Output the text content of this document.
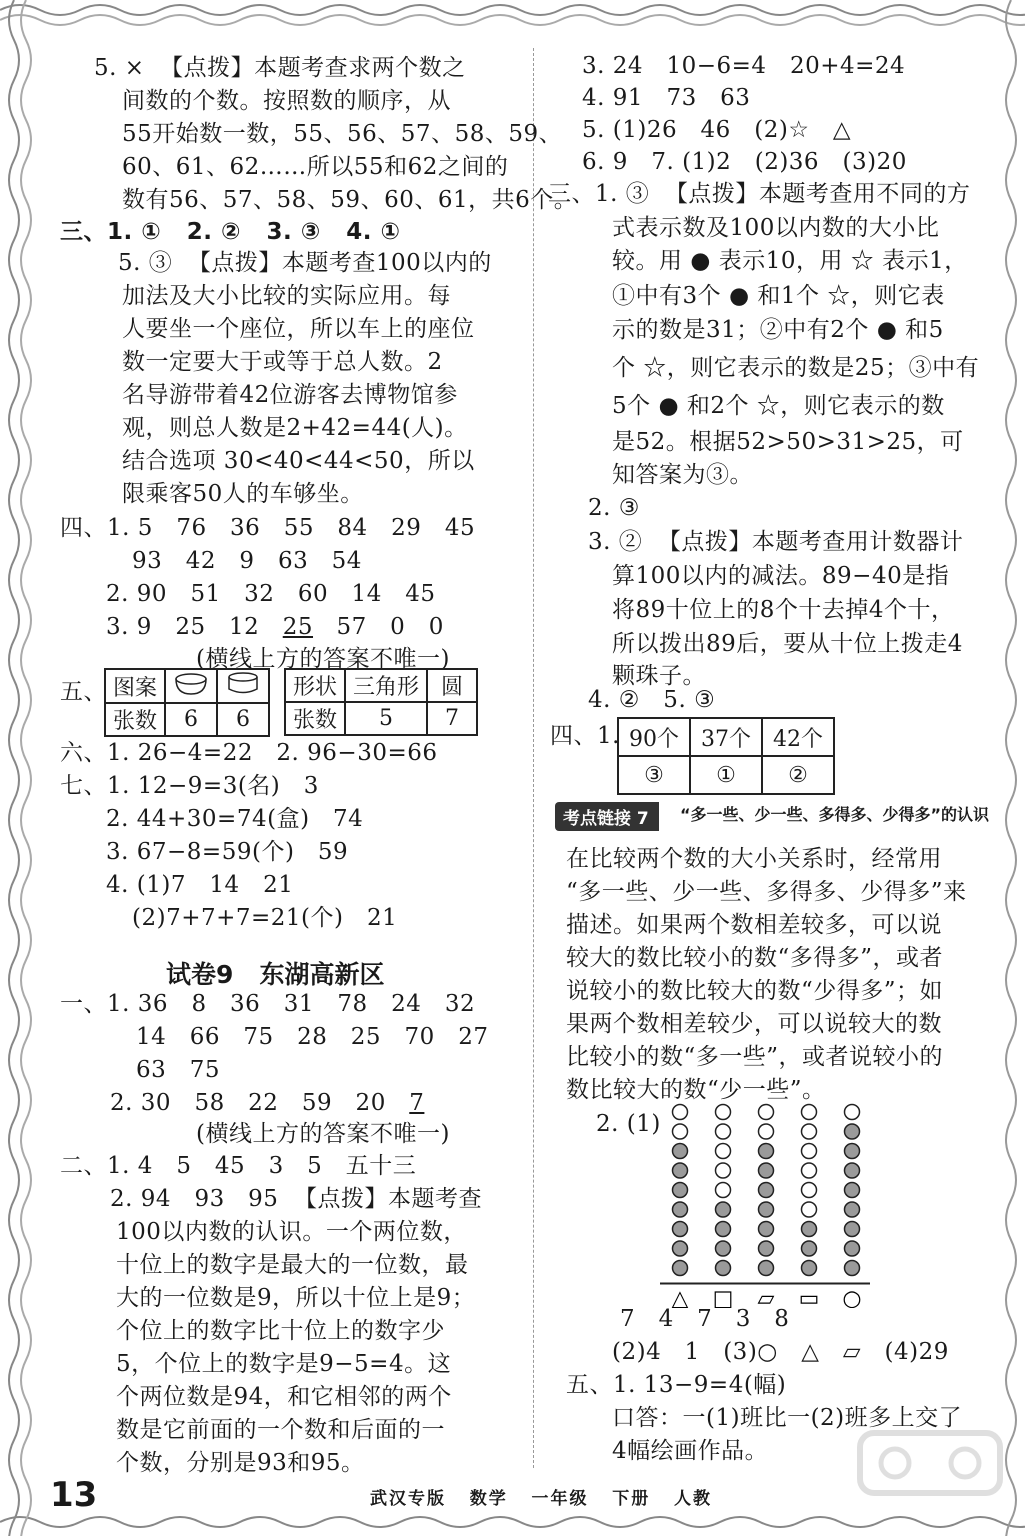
5. ×  【点拨】本题考查求两个数之
间数的个数。按照数的顺序，从
55开始数一数，55、56、57、58、59、
60、61、62……所以55和62之间的
数有56、57、58、59、60、61，共6个。
三、1. ①   2. ②   3. ③   4. ①
5. ③  【点拨】本题考查100以内的
加法及大小比较的实际应用。每
人要坐一个座位，所以车上的座位
数一定要大于或等于总人数。2
名导游带着42位游客去博物馆参
观，则总人数是2+42=44(人)。
结合选项 30<40<44<50，所以
限乘客50人的车够坐。
四、1. 5   76   36   55   84   29   45
93   42   9   63   54
2. 90   51   32   60   14   45
3. 9   25   12   25   57   0   0
(横线上方的答案不唯一)
五、 图案		
张数	6	6
形状	三角形	圆
张数	5	7
六、1. 26−4=22   2. 96−30=66
七、1. 12−9=3(名)   3
2. 44+30=74(盒)   74
3. 67−8=59(个)   59
4. (1)7   14   21
(2)7+7+7=21(个)   21
试卷9   东湖高新区
一、1. 36   8   36   31   78   24   32
14   66   75   28   25   70   27
63   75
2. 30   58   22   59   20   7
(横线上方的答案不唯一)
二、1. 4   5   45   3   5   五十三
2. 94   93   95  【点拨】本题考查
100以内数的认识。一个两位数，
十位上的数字是最大的一位数，最
大的一位数是9，所以十位上是9；
个位上的数字比十位上的数字少
5，个位上的数字是9−5=4。这
个两位数是94，和它相邻的两个
数是它前面的一个数和后面的一
个数，分别是93和95。
3. 24   10−6=4   20+4=24
4. 91   73   63
5. (1)26   46   (2)☆   △
6. 9   7. (1)2   (2)36   (3)20
三、1. ③  【点拨】本题考查用不同的方
式表示数及100以内数的大小比
较。用 ● 表示10，用 ☆ 表示1，
①中有3个 ● 和1个 ☆，则它表
示的数是31；②中有2个 ● 和5
个 ☆，则它表示的数是25；③中有
5个 ● 和2个 ☆，则它表示的数
是52。根据52>50>31>25，可
知答案为③。
2. ③
3. ②  【点拨】本题考查用计数器计
算100以内的减法。89−40是指
将89十位上的8个十去掉4个十，
所以拨出89后，要从十位上拨走4
颗珠子。
4. ②   5. ③
四、1. 90个	37个	42个
③	①	②
考点链接 7	“多一些、少一些、多得多、少得多”的认识
在比较两个数的大小关系时，经常用
“多一些、少一些、多得多、少得多”来
描述。如果两个数相差较多，可以说
较大的数比较小的数“多得多”，或者
说较小的数比较大的数“少得多”；如
果两个数相差较少，可以说较大的数
比较小的数“多一些”，或者说较小的
数比较大的数“少一些”。
2. (1)
△ □ ▱ ▭ ○
7   4   7   3   8
(2)4   1   (3)○   △   ▱   (4)29
五、1. 13−9=4(幅)
口答：一(1)班比一(2)班多上交了
4幅绘画作品。
13	武汉专版   数学   一年级   下册   人教
